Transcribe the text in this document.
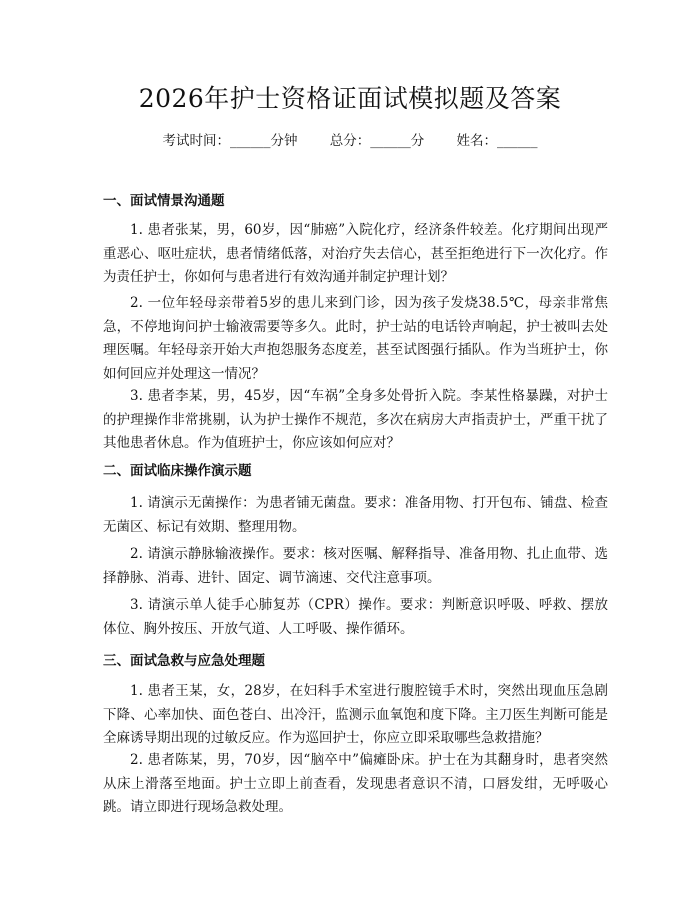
2026年护士资格证面试模拟题及答案
考试时间：______分钟 总分：______分 姓名：______
一、面试情景沟通题

1. 患者张某，男，60岁，因“肺癌”入院化疗，经济条件较差。化疗期间出现严重恶心、呕吐症状，患者情绪低落，对治疗失去信心，甚至拒绝进行下一次化疗。作为责任护士，你如何与患者进行有效沟通并制定护理计划？

2. 一位年轻母亲带着5岁的患儿来到门诊，因为孩子发烧38.5℃，母亲非常焦急，不停地询问护士输液需要等多久。此时，护士站的电话铃声响起，护士被叫去处理医嘱。年轻母亲开始大声抱怨服务态度差，甚至试图强行插队。作为当班护士，你如何回应并处理这一情况？

3. 患者李某，男，45岁，因“车祸”全身多处骨折入院。李某性格暴躁，对护士的护理操作非常挑剔，认为护士操作不规范，多次在病房大声指责护士，严重干扰了其他患者休息。作为值班护士，你应该如何应对？

二、面试临床操作演示题

1. 请演示无菌操作：为患者铺无菌盘。要求：准备用物、打开包布、铺盘、检查无菌区、标记有效期、整理用物。

2. 请演示静脉输液操作。要求：核对医嘱、解释指导、准备用物、扎止血带、选择静脉、消毒、进针、固定、调节滴速、交代注意事项。

3. 请演示单人徒手心肺复苏（CPR）操作。要求：判断意识呼吸、呼救、摆放体位、胸外按压、开放气道、人工呼吸、操作循环。

三、面试急救与应急处理题

1. 患者王某，女，28岁，在妇科手术室进行腹腔镜手术时，突然出现血压急剧下降、心率加快、面色苍白、出冷汗，监测示血氧饱和度下降。主刀医生判断可能是全麻诱导期出现的过敏反应。作为巡回护士，你应立即采取哪些急救措施？

2. 患者陈某，男，70岁，因“脑卒中”偏瘫卧床。护士在为其翻身时，患者突然从床上滑落至地面。护士立即上前查看，发现患者意识不清，口唇发绀，无呼吸心跳。请立即进行现场急救处理。
